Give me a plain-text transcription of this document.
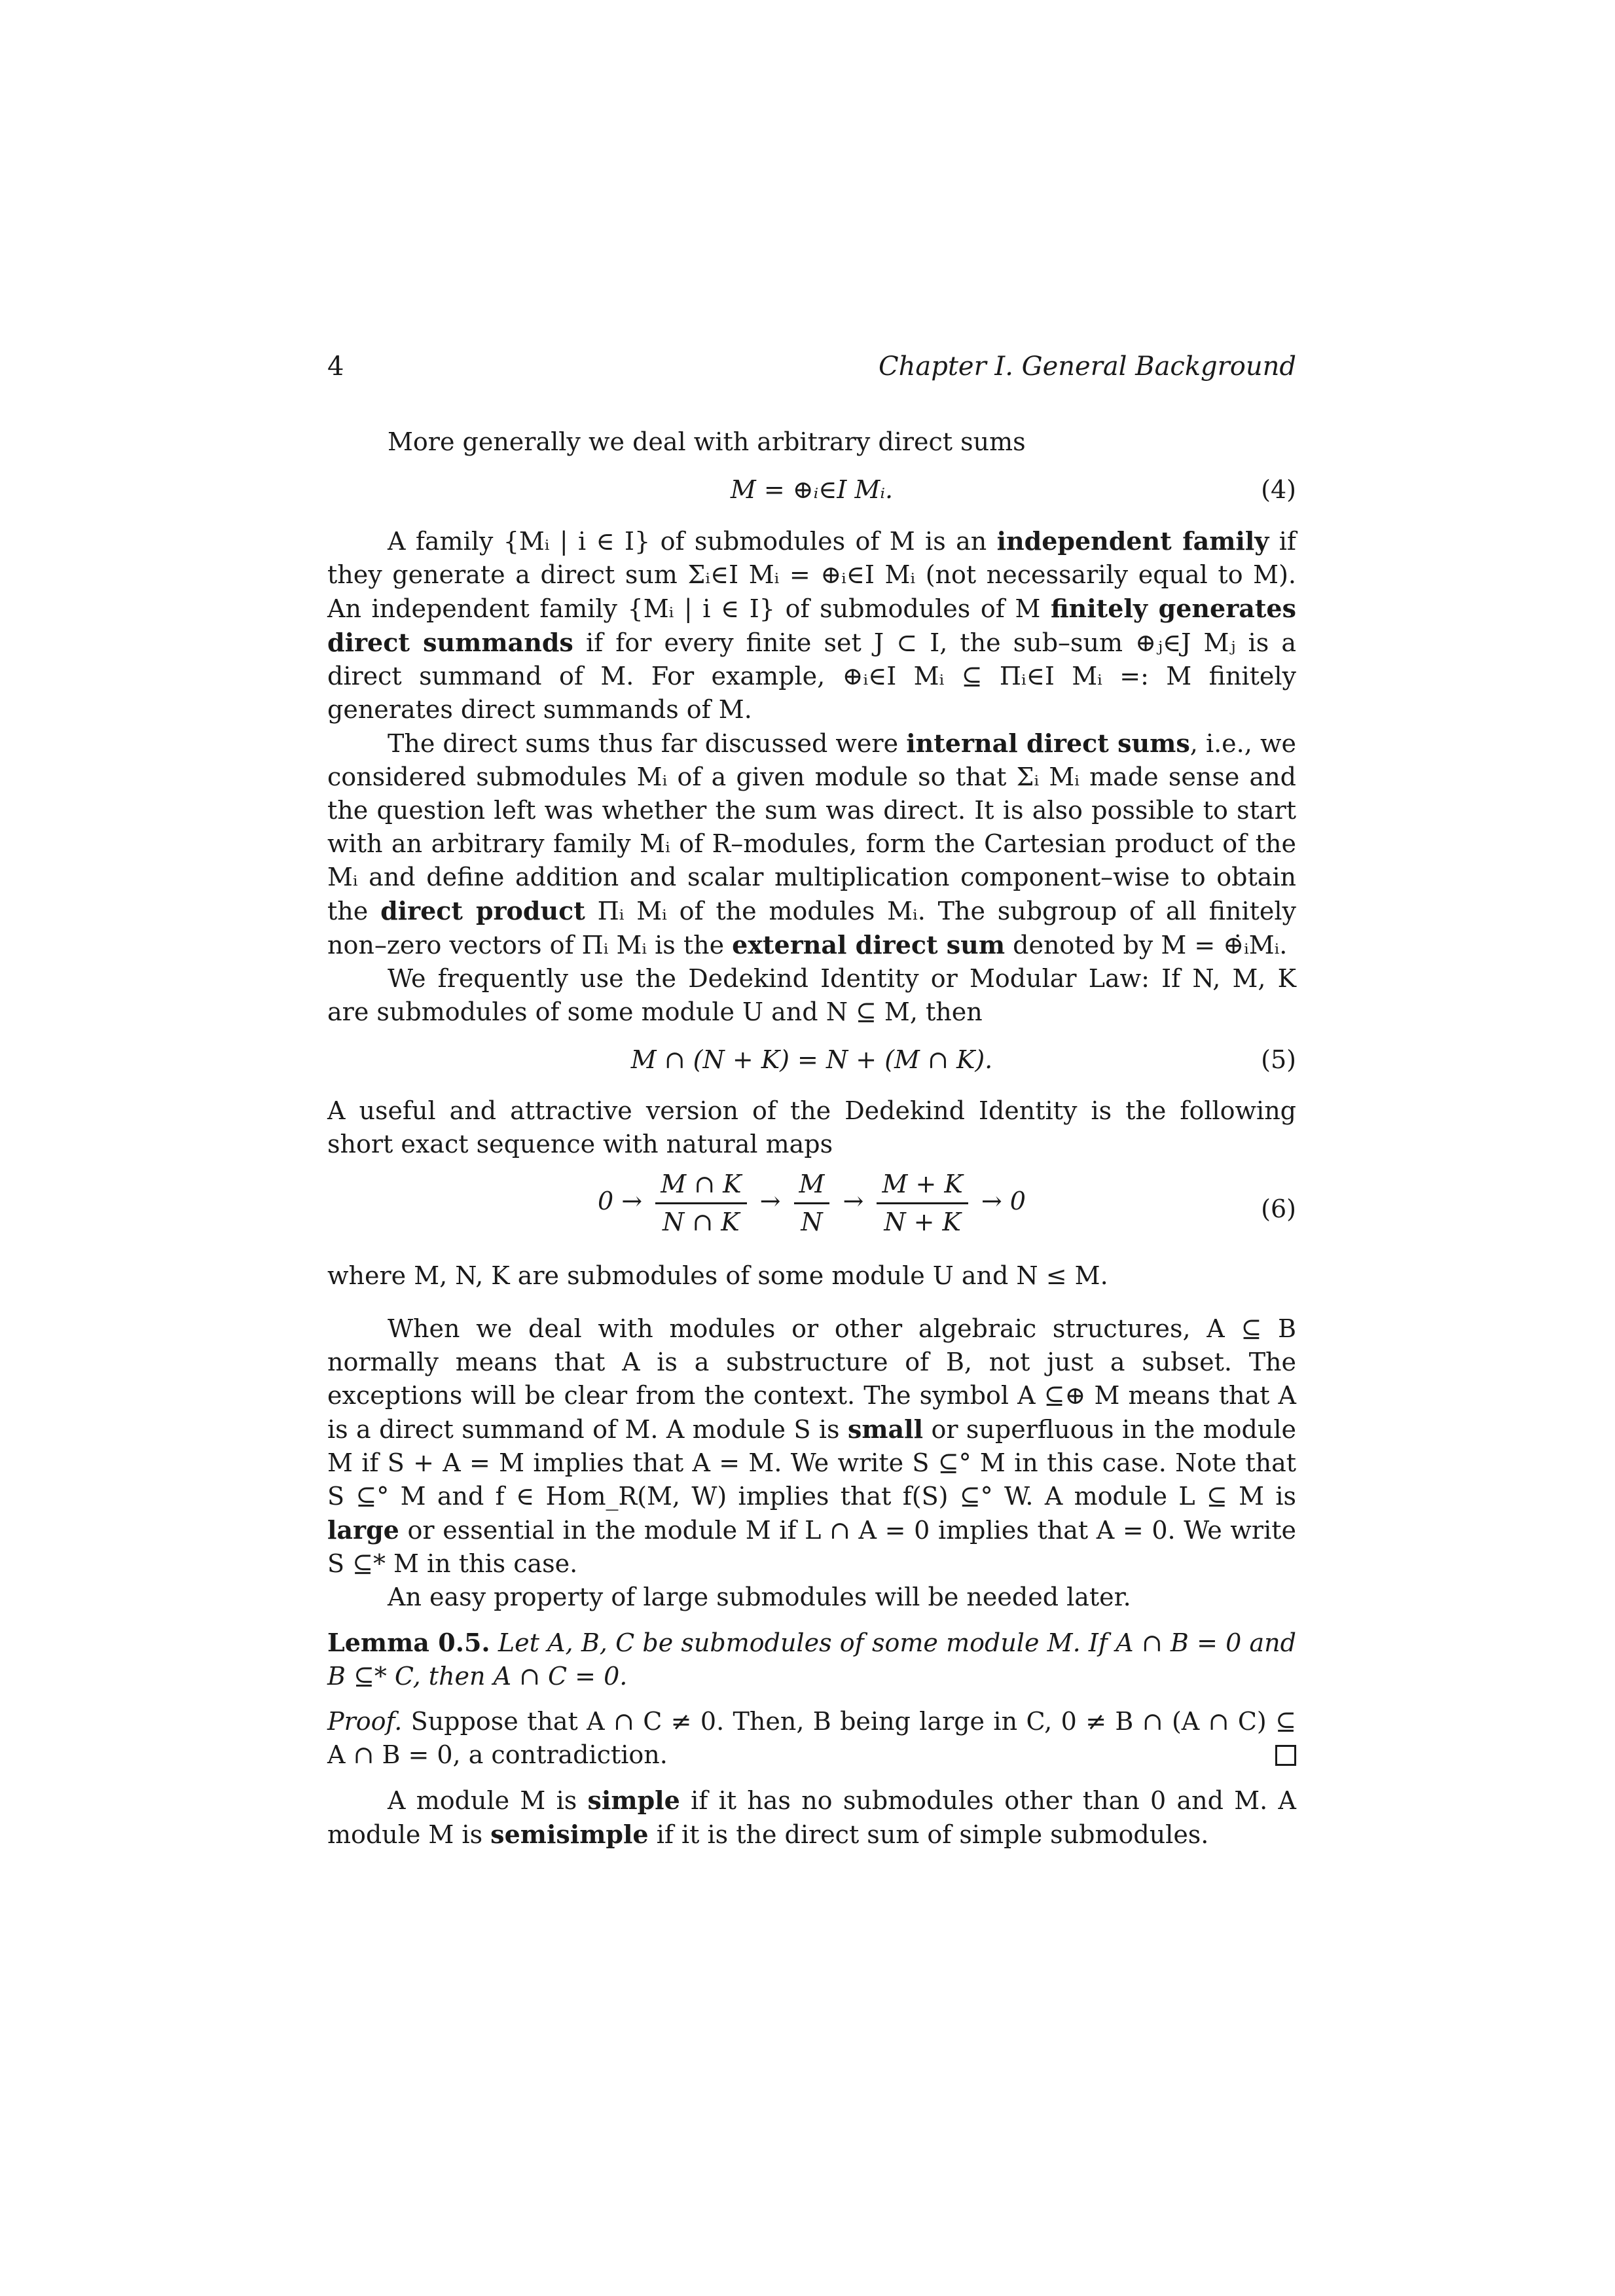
4	Chapter I. General Background

More generally we deal with arbitrary direct sums

M = ⊕ᵢ∈I Mᵢ.	(4)

A family {Mᵢ | i ∈ I} of submodules of M is an independent family if they generate a direct sum Σᵢ∈I Mᵢ = ⊕ᵢ∈I Mᵢ (not necessarily equal to M). An independent family {Mᵢ | i ∈ I} of submodules of M finitely generates direct summands if for every finite set J ⊂ I, the sub–sum ⊕ⱼ∈J Mⱼ is a direct summand of M. For example, ⊕ᵢ∈I Mᵢ ⊆ Πᵢ∈I Mᵢ =: M finitely generates direct summands of M.

The direct sums thus far discussed were internal direct sums, i.e., we considered submodules Mᵢ of a given module so that Σᵢ Mᵢ made sense and the question left was whether the sum was direct. It is also possible to start with an arbitrary family Mᵢ of R–modules, form the Cartesian product of the Mᵢ and define addition and scalar multiplication component–wise to obtain the direct product Πᵢ Mᵢ of the modules Mᵢ. The subgroup of all finitely non–zero vectors of Πᵢ Mᵢ is the external direct sum denoted by M = ⊕̇ᵢMᵢ.

We frequently use the Dedekind Identity or Modular Law: If N, M, K are submodules of some module U and N ⊆ M, then

M ∩ (N + K) = N + (M ∩ K).	(5)

A useful and attractive version of the Dedekind Identity is the following short exact sequence with natural maps

$0 \to \frac{M \cap K}{N \cap K} \to \frac{M}{N} \to \frac{M + K}{N + K} \to 0$	(6)

where M, N, K are submodules of some module U and N ≤ M.

When we deal with modules or other algebraic structures, A ⊆ B normally means that A is a substructure of B, not just a subset. The exceptions will be clear from the context. The symbol A ⊆⊕ M means that A is a direct summand of M. A module S is small or superfluous in the module M if S + A = M implies that A = M. We write S ⊆° M in this case. Note that S ⊆° M and f ∈ Hom_R(M, W) implies that f(S) ⊆° W. A module L ⊆ M is large or essential in the module M if L ∩ A = 0 implies that A = 0. We write S ⊆* M in this case.

An easy property of large submodules will be needed later.

Lemma 0.5. Let A, B, C be submodules of some module M. If A ∩ B = 0 and B ⊆* C, then A ∩ C = 0.

Proof. Suppose that A ∩ C ≠ 0. Then, B being large in C, 0 ≠ B ∩ (A ∩ C) ⊆ A ∩ B = 0, a contradiction.

A module M is simple if it has no submodules other than 0 and M. A module M is semisimple if it is the direct sum of simple submodules.
